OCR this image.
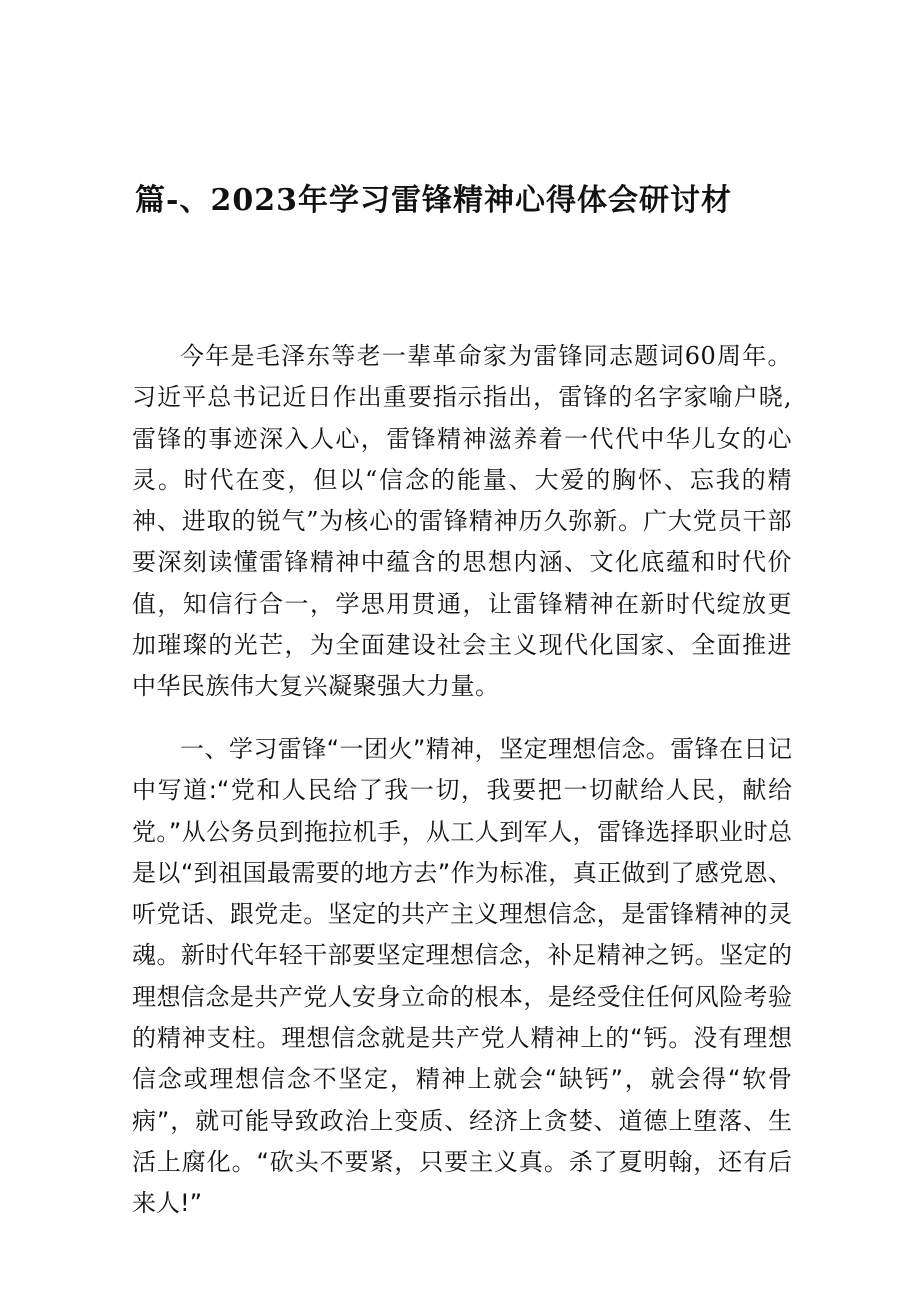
篇-、2023年学习雷锋精神心得体会研讨材

今年是毛泽东等老一辈革命家为雷锋同志题词60周年。习近平总书记近日作出重要指示指出，雷锋的名字家喻户晓,雷锋的事迹深入人心，雷锋精神滋养着一代代中华儿女的心灵。时代在变，但以“信念的能量、大爱的胸怀、忘我的精神、进取的锐气”为核心的雷锋精神历久弥新。广大党员干部要深刻读懂雷锋精神中蕴含的思想内涵、文化底蕴和时代价值，知信行合一，学思用贯通，让雷锋精神在新时代绽放更加璀璨的光芒，为全面建设社会主义现代化国家、全面推进中华民族伟大复兴凝聚强大力量。

一、学习雷锋“一团火”精神，坚定理想信念。雷锋在日记中写道:“党和人民给了我一切，我要把一切献给人民，献给党。”从公务员到拖拉机手，从工人到军人，雷锋选择职业时总是以“到祖国最需要的地方去”作为标准，真正做到了感党恩、听党话、跟党走。坚定的共产主义理想信念，是雷锋精神的灵魂。新时代年轻干部要坚定理想信念，补足精神之钙。坚定的理想信念是共产党人安身立命的根本，是经受住任何风险考验的精神支柱。理想信念就是共产党人精神上的“钙。没有理想信念或理想信念不坚定，精神上就会“缺钙”，就会得“软骨病”，就可能导致政治上变质、经济上贪婪、道德上堕落、生活上腐化。“砍头不要紧，只要主义真。杀了夏明翰，还有后来人!”
